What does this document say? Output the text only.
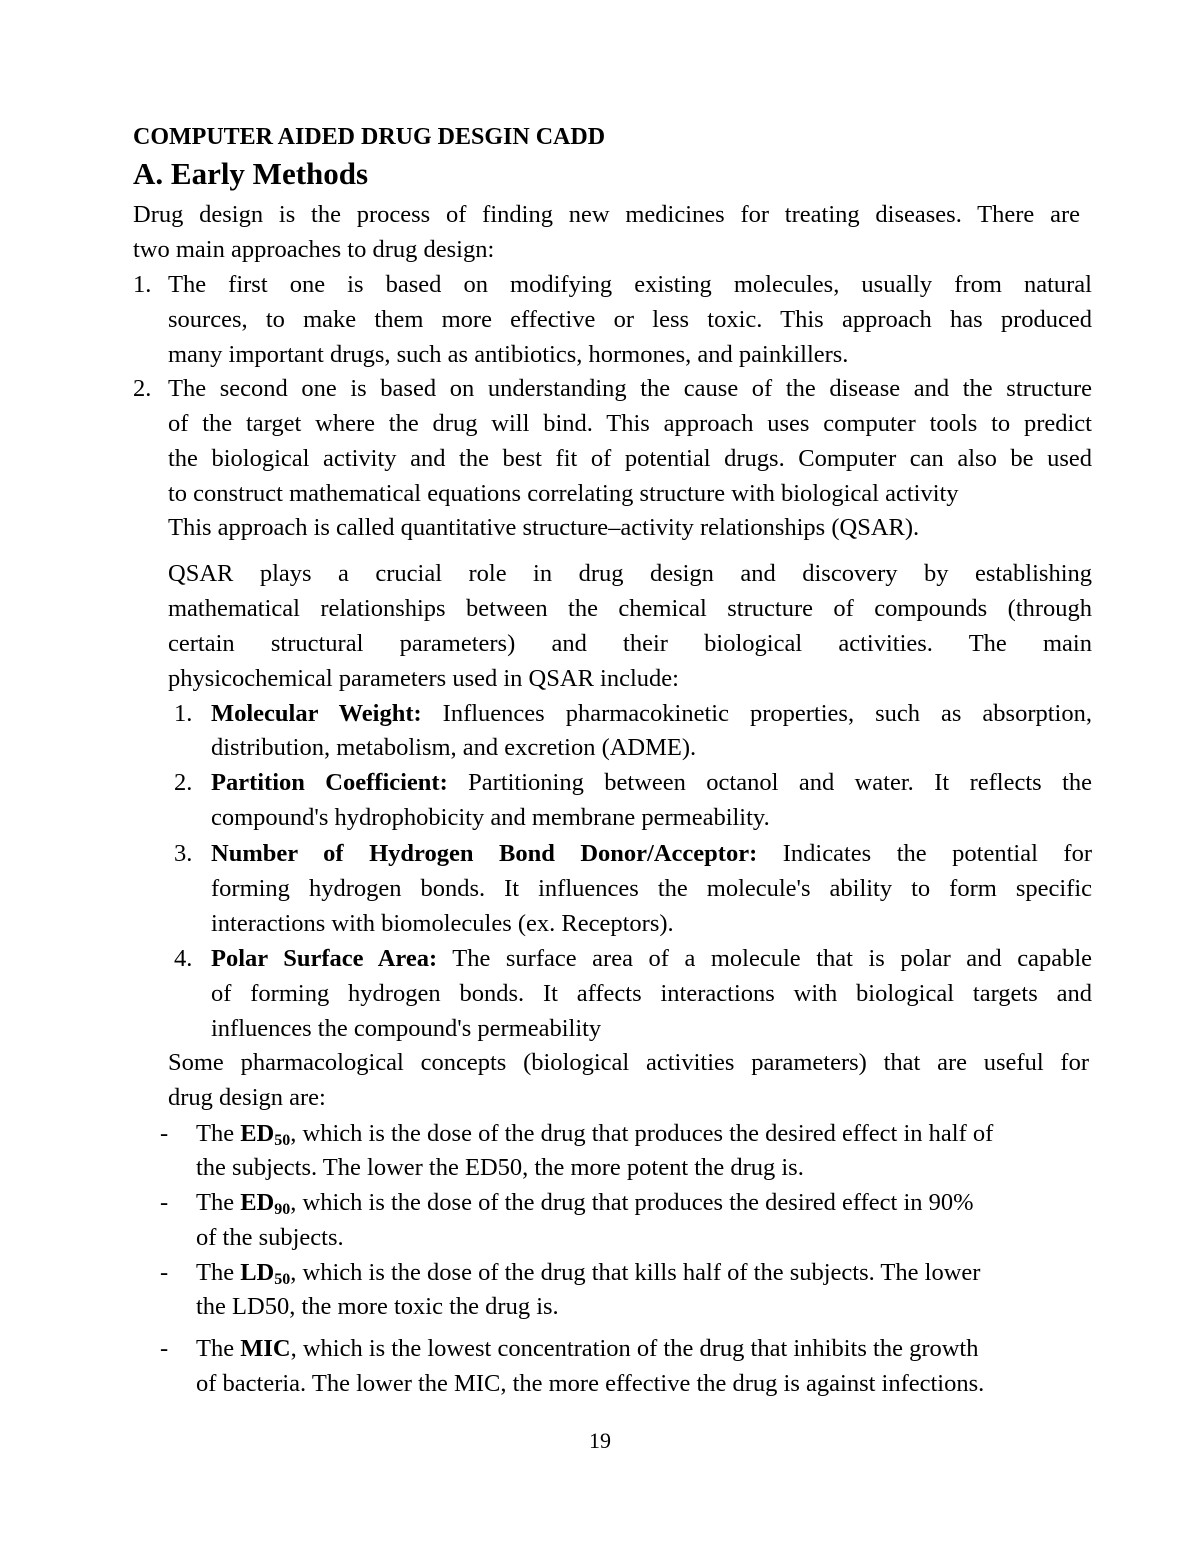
COMPUTER AIDED DRUG DESGIN CADD
A. Early Methods
Drug design is the process of finding new medicines for treating diseases. There are
two main approaches to drug design:
1. The first one is based on modifying existing molecules, usually from natural
sources, to make them more effective or less toxic. This approach has produced
many important drugs, such as antibiotics, hormones, and painkillers.
2. The second one is based on understanding the cause of the disease and the structure
of the target where the drug will bind. This approach uses computer tools to predict
the biological activity and the best fit of potential drugs. Computer can also be used
to construct mathematical equations correlating structure with biological activity
This approach is called quantitative structure–activity relationships (QSAR).
QSAR plays a crucial role in drug design and discovery by establishing
mathematical relationships between the chemical structure of compounds (through
certain structural parameters) and their biological activities. The main
physicochemical parameters used in QSAR include:
1. Molecular Weight: Influences pharmacokinetic properties, such as absorption,
distribution, metabolism, and excretion (ADME).
2. Partition Coefficient: Partitioning between octanol and water. It reflects the
compound's hydrophobicity and membrane permeability.
3. Number of Hydrogen Bond Donor/Acceptor: Indicates the potential for
forming hydrogen bonds. It influences the molecule's ability to form specific
interactions with biomolecules (ex. Receptors).
4. Polar Surface Area: The surface area of a molecule that is polar and capable
of forming hydrogen bonds. It affects interactions with biological targets and
influences the compound's permeability
Some pharmacological concepts (biological activities parameters) that are useful for
drug design are:
- The $ED_{50}$, which is the dose of the drug that produces the desired effect in half of
the subjects. The lower the ED50, the more potent the drug is.
- The $ED_{90}$, which is the dose of the drug that produces the desired effect in 90%
of the subjects.
- The $LD_{50}$, which is the dose of the drug that kills half of the subjects. The lower
the LD50, the more toxic the drug is.
- The MIC, which is the lowest concentration of the drug that inhibits the growth
of bacteria. The lower the MIC, the more effective the drug is against infections.
19
